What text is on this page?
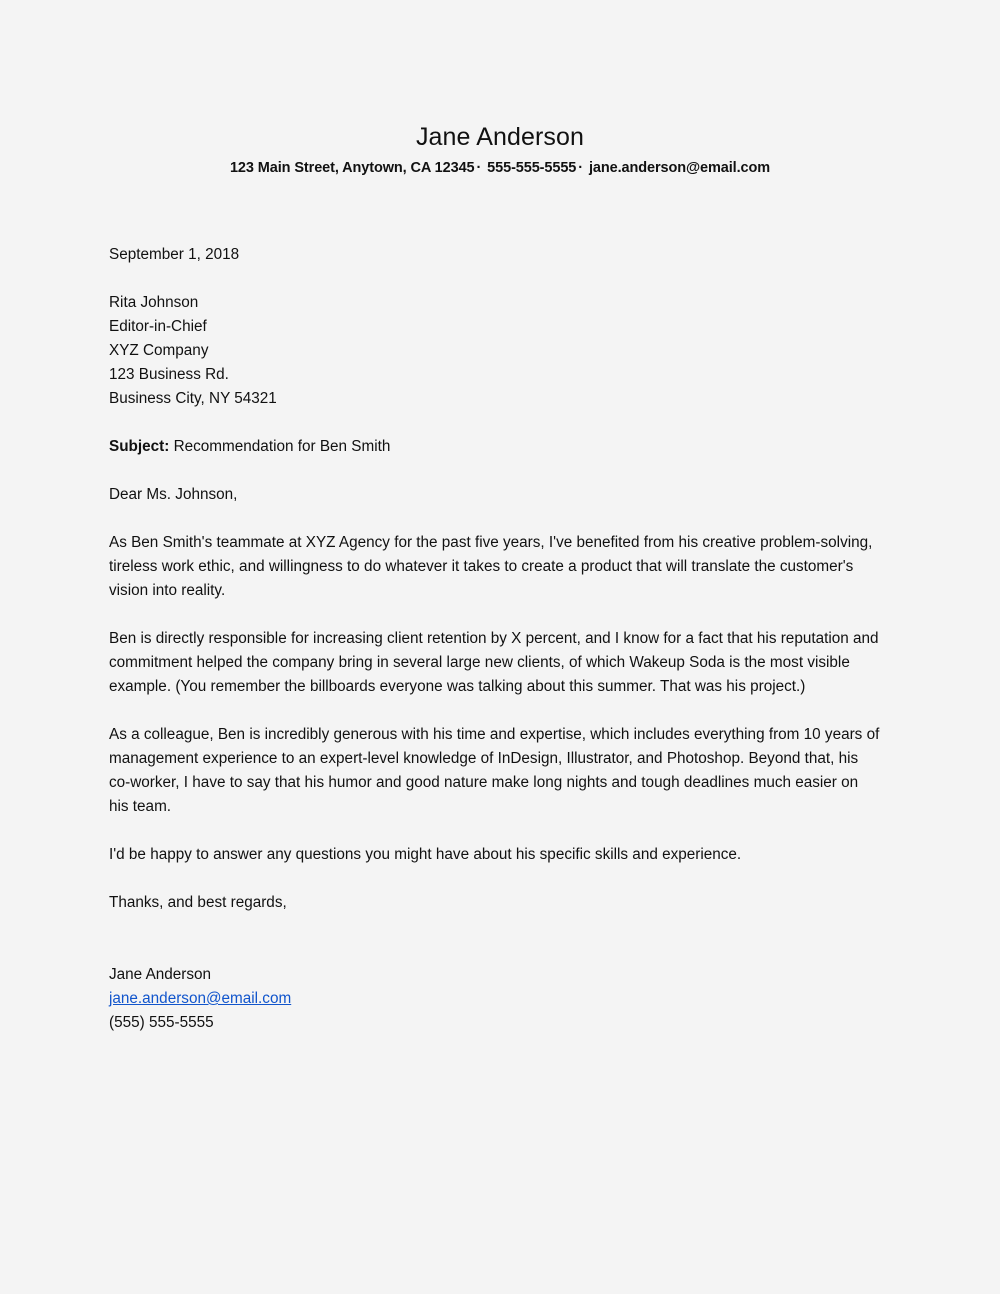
Jane Anderson
123 Main Street, Anytown, CA 12345 · 555-555-5555 · jane.anderson@email.com
September 1, 2018
Rita Johnson
Editor-in-Chief
XYZ Company
123 Business Rd.
Business City, NY 54321

Subject: Recommendation for Ben Smith

Dear Ms. Johnson,

As Ben Smith's teammate at XYZ Agency for the past five years, I've benefited from his creative problem-solving, tireless work ethic, and willingness to do whatever it takes to create a product that will translate the customer's vision into reality.

Ben is directly responsible for increasing client retention by X percent, and I know for a fact that his reputation and commitment helped the company bring in several large new clients, of which Wakeup Soda is the most visible example. (You remember the billboards everyone was talking about this summer. That was his project.)

As a colleague, Ben is incredibly generous with his time and expertise, which includes everything from 10 years of management experience to an expert-level knowledge of InDesign, Illustrator, and Photoshop. Beyond that, his co-worker, I have to say that his humor and good nature make long nights and tough deadlines much easier on his team.

I'd be happy to answer any questions you might have about his specific skills and experience.

Thanks, and best regards,

Jane Anderson
jane.anderson@email.com
(555) 555-5555
